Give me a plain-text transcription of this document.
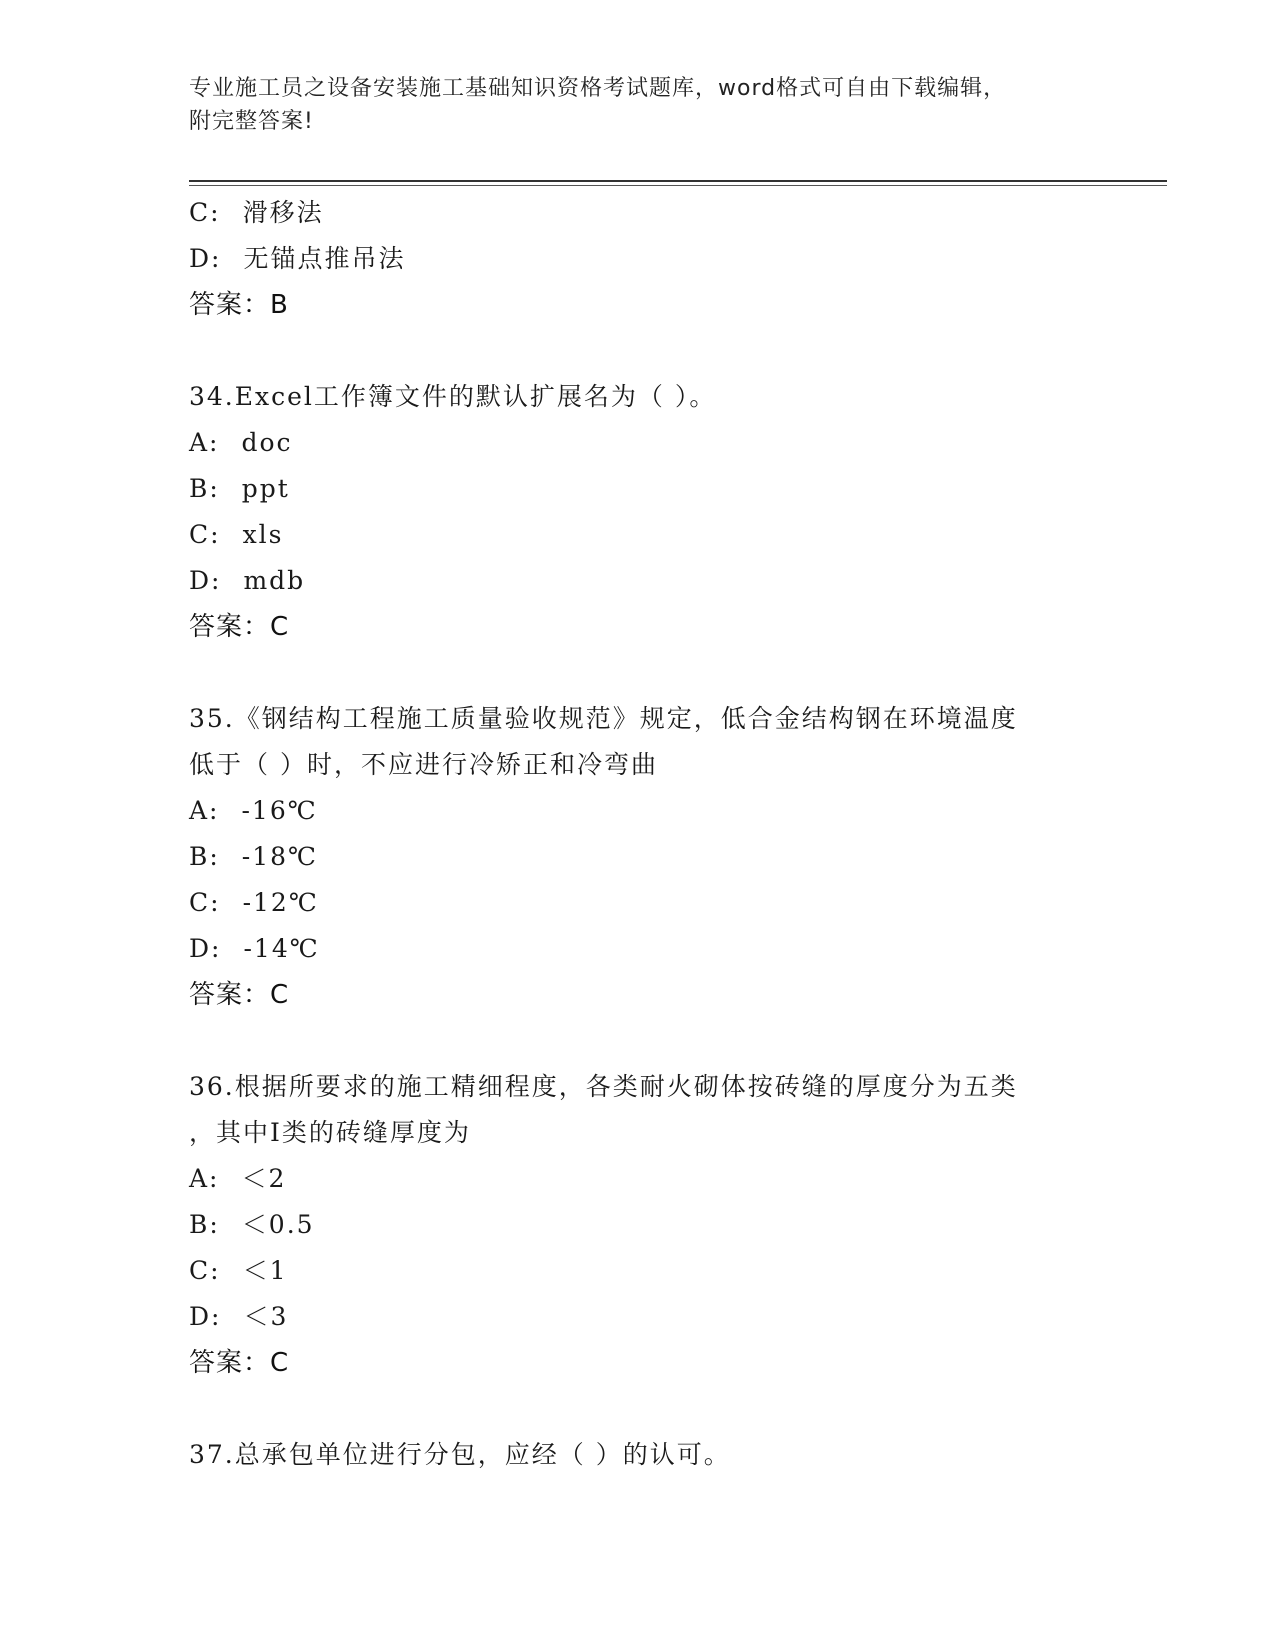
专业施工员之设备安装施工基础知识资格考试题库，word格式可自由下载编辑，
附完整答案!
C: 滑移法
D: 无锚点推吊法
答案：B
34.Excel工作簿文件的默认扩展名为（ ）。
A: doc
B: ppt
C: xls
D: mdb
答案：C
35.《钢结构工程施工质量验收规范》规定，低合金结构钢在环境温度
低于（ ）时，不应进行冷矫正和冷弯曲
A: -16℃
B: -18℃
C: -12℃
D: -14℃
答案：C
36.根据所要求的施工精细程度，各类耐火砌体按砖缝的厚度分为五类
，其中I类的砖缝厚度为
A: ＜2
B: ＜0.5
C: ＜1
D: ＜3
答案：C
37.总承包单位进行分包，应经（ ）的认可。
